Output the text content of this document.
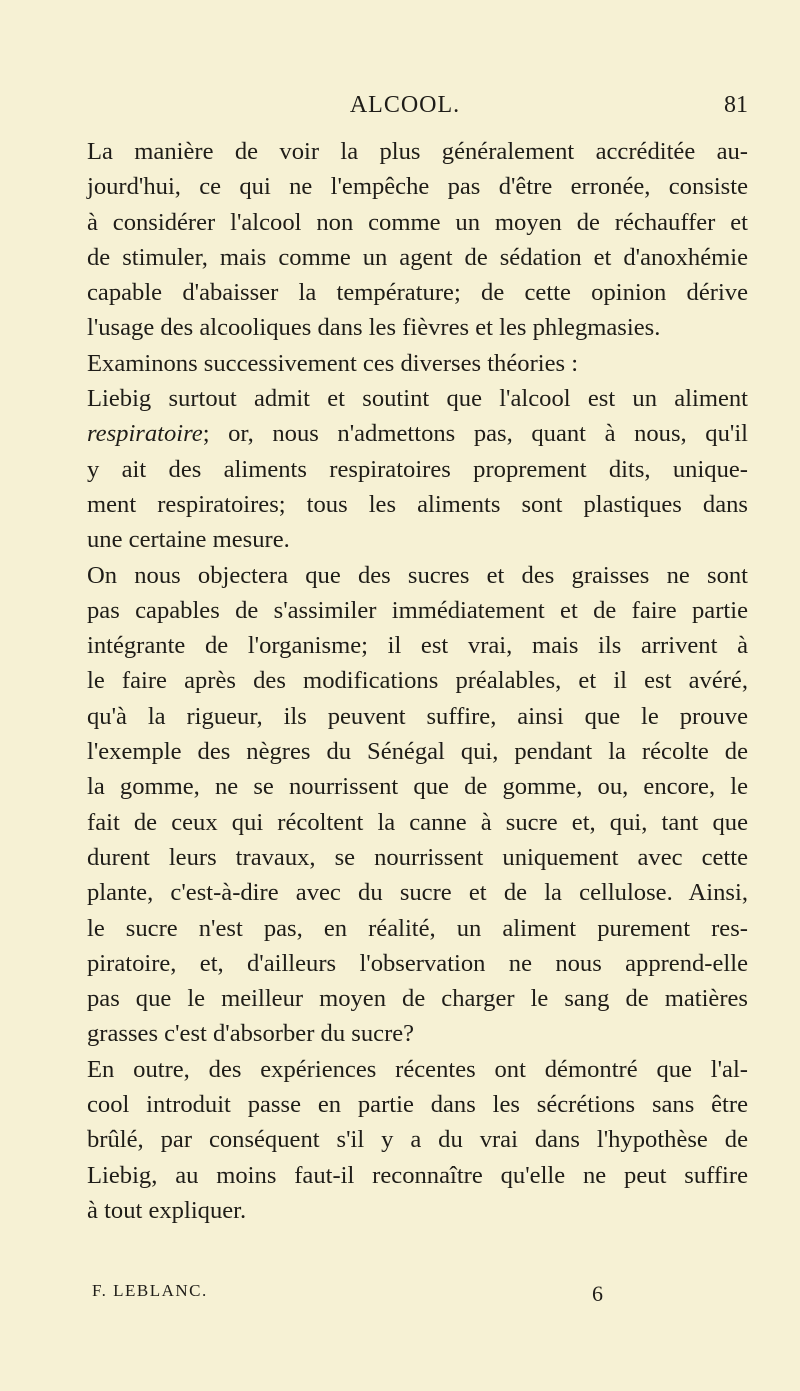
ALCOOL.	81

La manière de voir la plus généralement accréditée au-
jourd'hui, ce qui ne l'empêche pas d'être erronée, consiste
à considérer l'alcool non comme un moyen de réchauffer et
de stimuler, mais comme un agent de sédation et d'anoxhémie
capable d'abaisser la température; de cette opinion dérive
l'usage des alcooliques dans les fièvres et les phlegmasies.

Examinons successivement ces diverses théories :

Liebig surtout admit et soutint que l'alcool est un aliment
respiratoire; or, nous n'admettons pas, quant à nous, qu'il
y ait des aliments respiratoires proprement dits, unique-
ment respiratoires; tous les aliments sont plastiques dans
une certaine mesure.

On nous objectera que des sucres et des graisses ne sont
pas capables de s'assimiler immédiatement et de faire partie
intégrante de l'organisme; il est vrai, mais ils arrivent à
le faire après des modifications préalables, et il est avéré,
qu'à la rigueur, ils peuvent suffire, ainsi que le prouve
l'exemple des nègres du Sénégal qui, pendant la récolte de
la gomme, ne se nourrissent que de gomme, ou, encore, le
fait de ceux qui récoltent la canne à sucre et, qui, tant que
durent leurs travaux, se nourrissent uniquement avec cette
plante, c'est-à-dire avec du sucre et de la cellulose. Ainsi,
le sucre n'est pas, en réalité, un aliment purement res-
piratoire, et, d'ailleurs l'observation ne nous apprend-elle
pas que le meilleur moyen de charger le sang de matières
grasses c'est d'absorber du sucre?

En outre, des expériences récentes ont démontré que l'al-
cool introduit passe en partie dans les sécrétions sans être
brûlé, par conséquent s'il y a du vrai dans l'hypothèse de
Liebig, au moins faut-il reconnaître qu'elle ne peut suffire
à tout expliquer.

F. LEBLANC.	6
